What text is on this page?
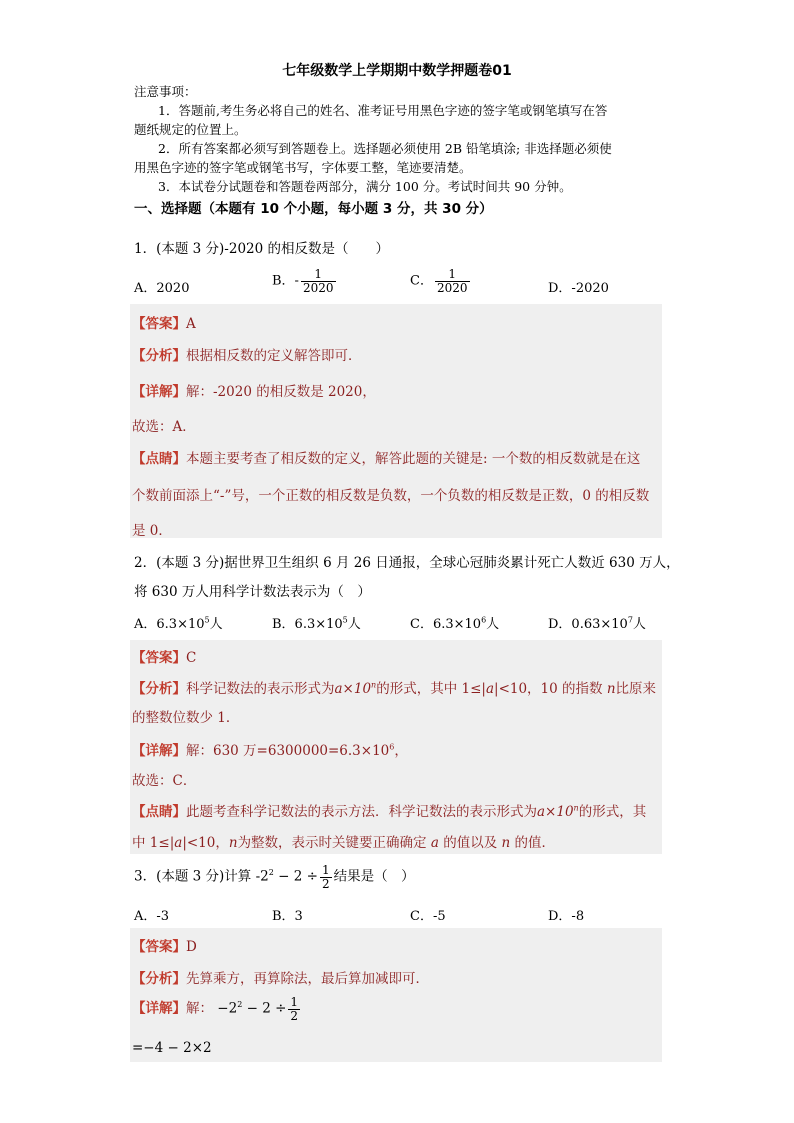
七年级数学上学期期中数学押题卷01
注意事项：
1．答题前,考生务必将自己的姓名、准考证号用黑色字迹的签字笔或钢笔填写在答
题纸规定的位置上。
2．所有答案都必须写到答题卷上。选择题必须使用 2B 铅笔填涂; 非选择题必须使
用黑色字迹的签字笔或钢笔书写，字体要工整，笔迹要清楚。
3．本试卷分试题卷和答题卷两部分，满分 100 分。考试时间共 90 分钟。
一、选择题（本题有 10 个小题，每小题 3 分，共 30 分）
1．(本题 3 分)-2020 的相反数是（　　）
A．2020	B．- $\frac{1}{2020}$	C． $\frac{1}{2020}$	D．-2020
【答案】A
【分析】根据相反数的定义解答即可．
【详解】解：-2020 的相反数是 2020，
故选：A．
【点睛】本题主要考查了相反数的定义，解答此题的关键是: 一个数的相反数就是在这
个数前面添上“-”号，一个正数的相反数是负数，一个负数的相反数是正数，0 的相反数
是 0．
2．(本题 3 分)据世界卫生组织 6 月 26 日通报，全球心冠肺炎累计死亡人数近 630 万人，
将 630 万人用科学计数法表示为（　）
A．$6.3\times 10^5$人	B．$6.3\times 10^5$人	C．$6.3\times 10^6$人	D．$0.63\times 10^7$人
【答案】C
【分析】科学记数法的表示形式为$a\times 10^n$的形式，其中 1≤|a|<10，10 的指数 n比原来
的整数位数少 1．
【详解】解：630 万$=6300000=6.3\times 10^6$，
故选：C．
【点睛】此题考查科学记数法的表示方法．科学记数法的表示形式为$a\times 10^n$的形式，其
中 1≤|a|<10，n为整数，表示时关键要正确确定 a 的值以及 n 的值．
3．(本题 3 分)计算 $-2^2 - 2 \div \frac{1}{2}$ 结果是（　）
A．-3	B．3	C．-5	D．-8
【答案】D
【分析】先算乘方，再算除法，最后算加减即可．
【详解】解： $-2^2 - 2 \div \frac{1}{2}$
=−4 − 2×2
